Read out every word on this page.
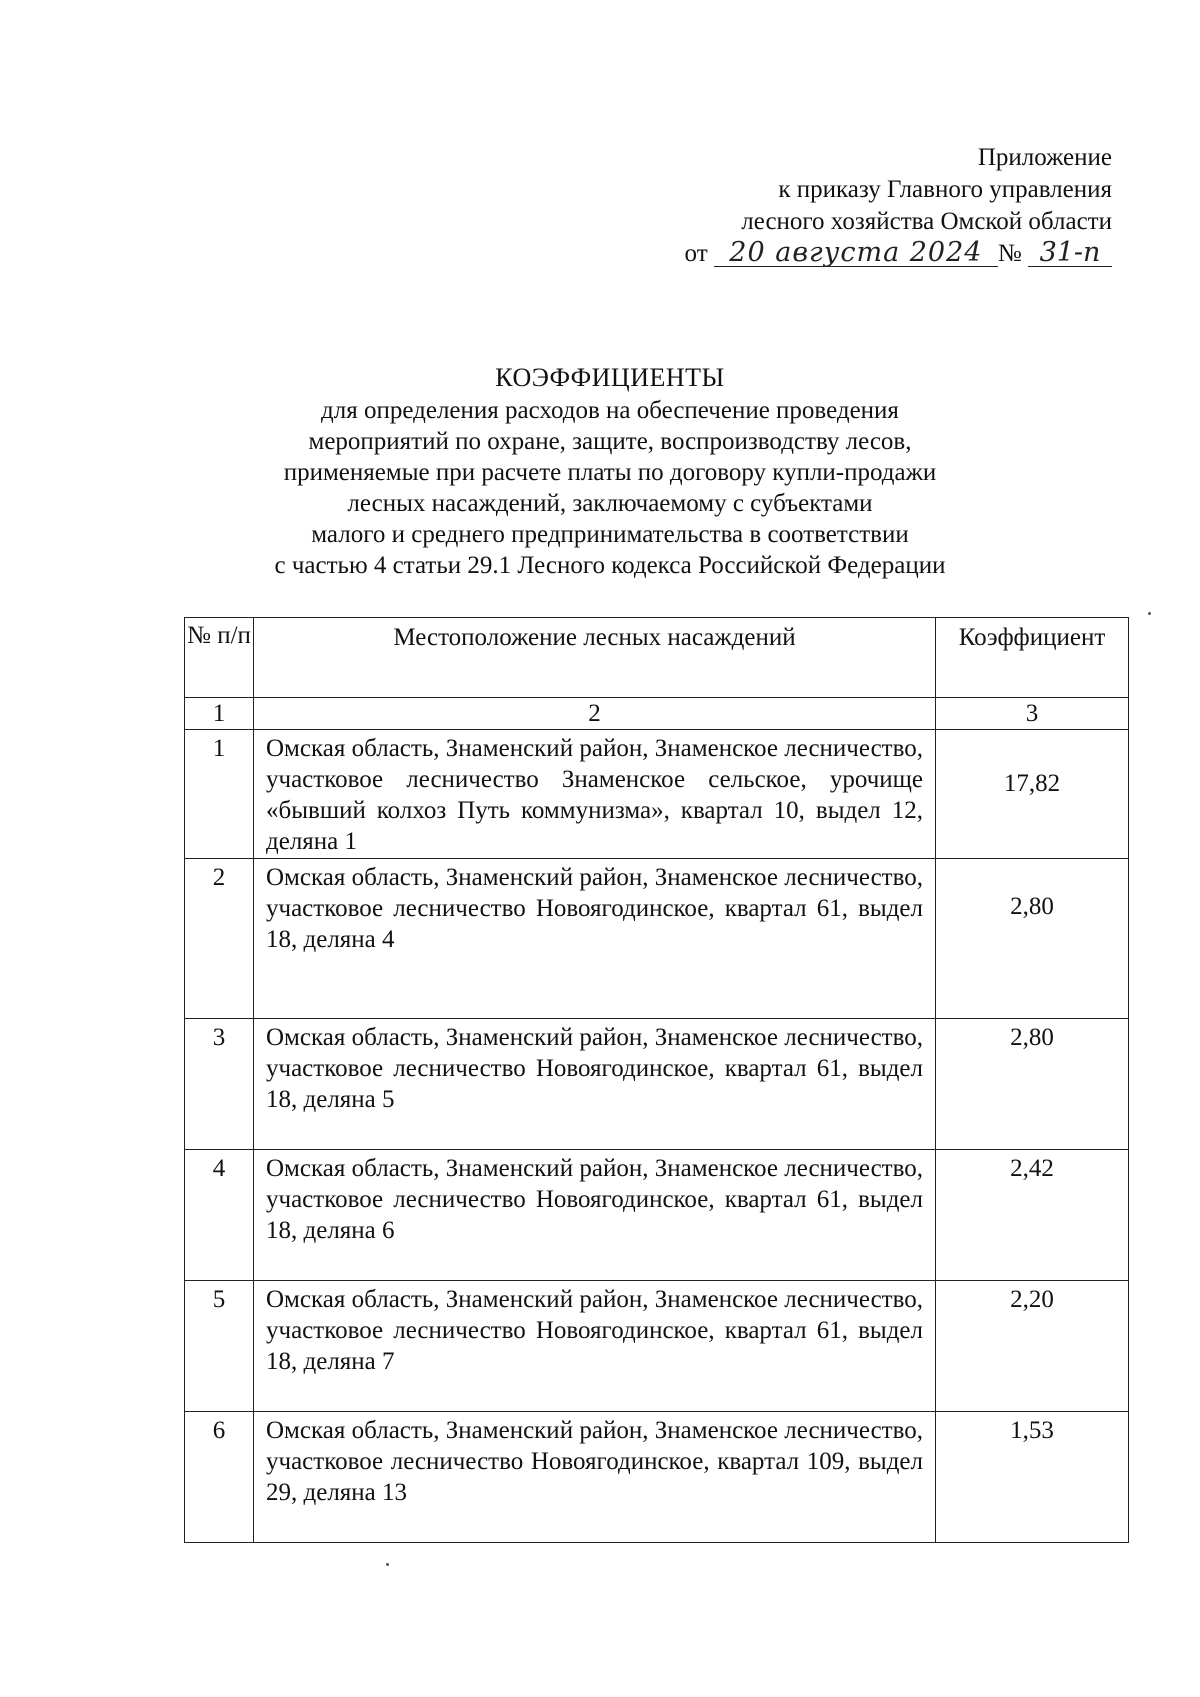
Приложение
к приказу Главного управления
лесного хозяйства Омской области
от 20 августа 2024 № 31-п
КОЭФФИЦИЕНТЫ
для определения расходов на обеспечение проведения
мероприятий по охране, защите, воспроизводству лесов,
применяемые при расчете платы по договору купли-продажи
лесных насаждений, заключаемому с субъектами
малого и среднего предпринимательства в соответствии
с частью 4 статьи 29.1 Лесного кодекса Российской Федерации
№ п/п	Местоположение лесных насаждений	Коэффициент
1	2	3
1	Омская область, Знаменский район, Знаменское лесничество, участковое лесничество Знаменское сельское, урочище «бывший колхоз Путь коммунизма», квартал 10, выдел 12, деляна 1	17,82
2	Омская область, Знаменский район, Знаменское лесничество, участковое лесничество Новоягодинское, квартал 61, выдел 18, деляна 4	2,80
3	Омская область, Знаменский район, Знаменское лесничество, участковое лесничество Новоягодинское, квартал 61, выдел 18, деляна 5	2,80
4	Омская область, Знаменский район, Знаменское лесничество, участковое лесничество Новоягодинское, квартал 61, выдел 18, деляна 6	2,42
5	Омская область, Знаменский район, Знаменское лесничество, участковое лесничество Новоягодинское, квартал 61, выдел 18, деляна 7	2,20
6	Омская область, Знаменский район, Знаменское лесничество, участковое лесничество Новоягодинское, квартал 109, выдел 29, деляна 13	1,53
